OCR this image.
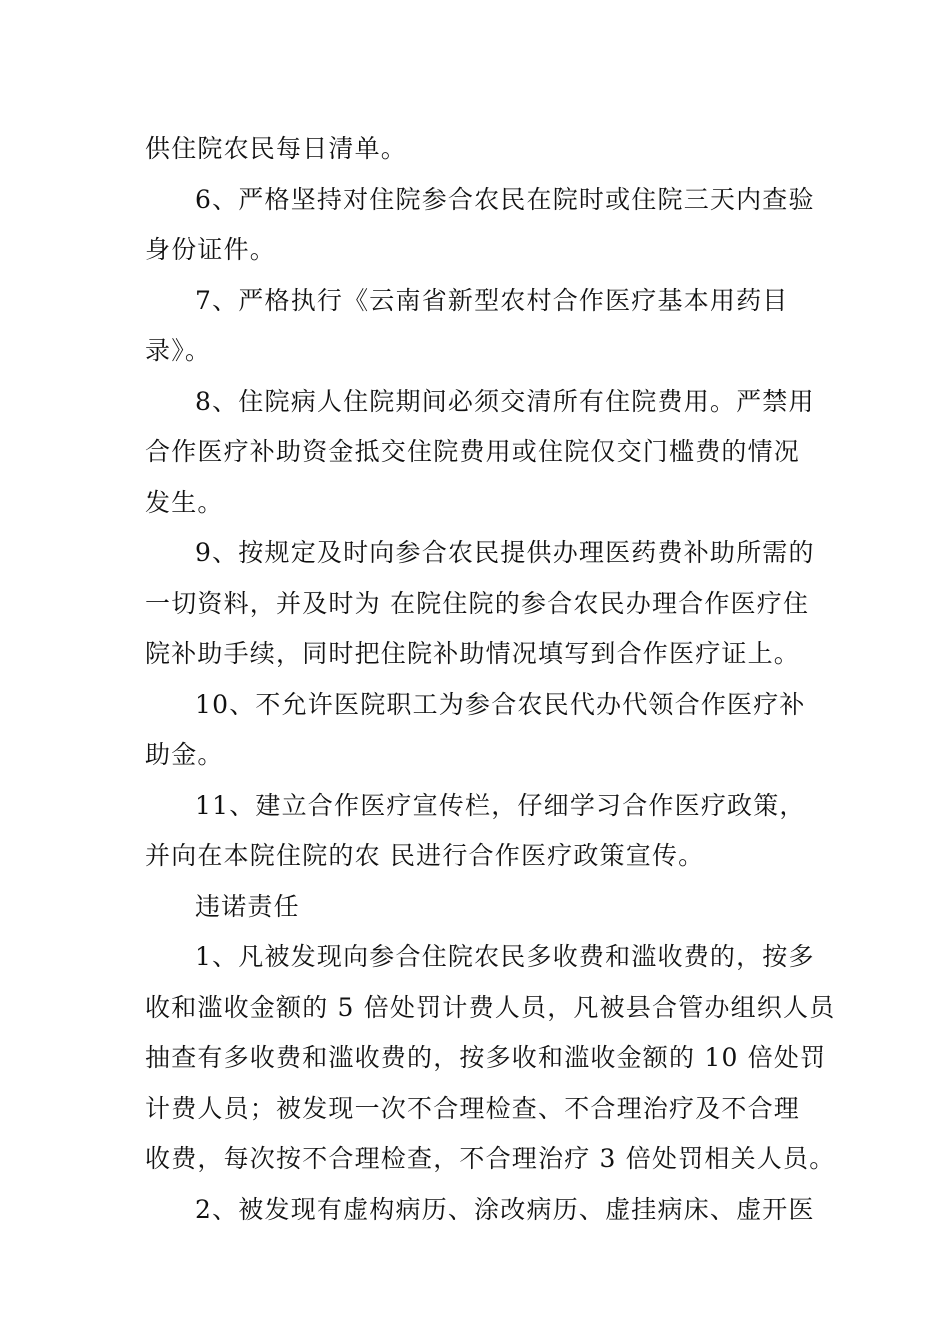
供住院农民每日清单。
6、严格坚持对住院参合农民在院时或住院三天内查验
身份证件。
7、严格执行《云南省新型农村合作医疗基本用药目
录》。
8、住院病人住院期间必须交清所有住院费用。严禁用
合作医疗补助资金抵交住院费用或住院仅交门槛费的情况
发生。
9、按规定及时向参合农民提供办理医药费补助所需的
一切资料，并及时为 在院住院的参合农民办理合作医疗住
院补助手续，同时把住院补助情况填写到合作医疗证上。
10、不允许医院职工为参合农民代办代领合作医疗补
助金。
11、建立合作医疗宣传栏，仔细学习合作医疗政策，
并向在本院住院的农 民进行合作医疗政策宣传。
违诺责任
1、凡被发现向参合住院农民多收费和滥收费的，按多
收和滥收金额的 5 倍处罚计费人员，凡被县合管办组织人员
抽查有多收费和滥收费的，按多收和滥收金额的 10 倍处罚
计费人员；被发现一次不合理检查、不合理治疗及不合理
收费，每次按不合理检查，不合理治疗 3 倍处罚相关人员。
2、被发现有虚构病历、涂改病历、虚挂病床、虚开医
